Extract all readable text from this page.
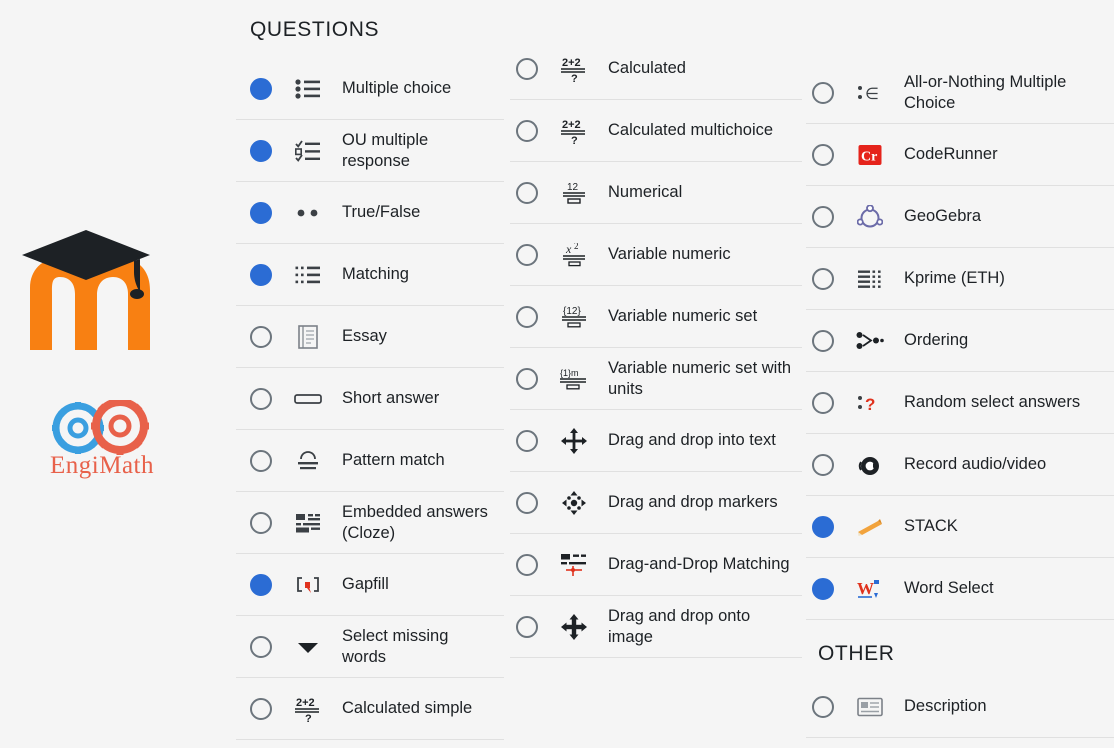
EngiMath
QUESTIONS
Multiple choice
OU multiple response
True/False
Matching
Essay
Short answer
Pattern match
Embedded answers (Cloze)
Gapfill
Select missing words
2+2
?
Calculated simple
2+2
?
Calculated
2+2
?
Calculated multichoice
12 Numerical
x 2 Variable numeric
{12} Variable numeric set
{1}m Variable numeric set with units
Drag and drop into text
Drag and drop markers
Drag-and-Drop Matching
Drag and drop onto image
∈
All-or-Nothing Multiple Choice
Cr CodeRunner
GeoGebra
Kprime (ETH)
Ordering
? Random select answers
Record audio/video
STACK
W Word Select
OTHER
Description
